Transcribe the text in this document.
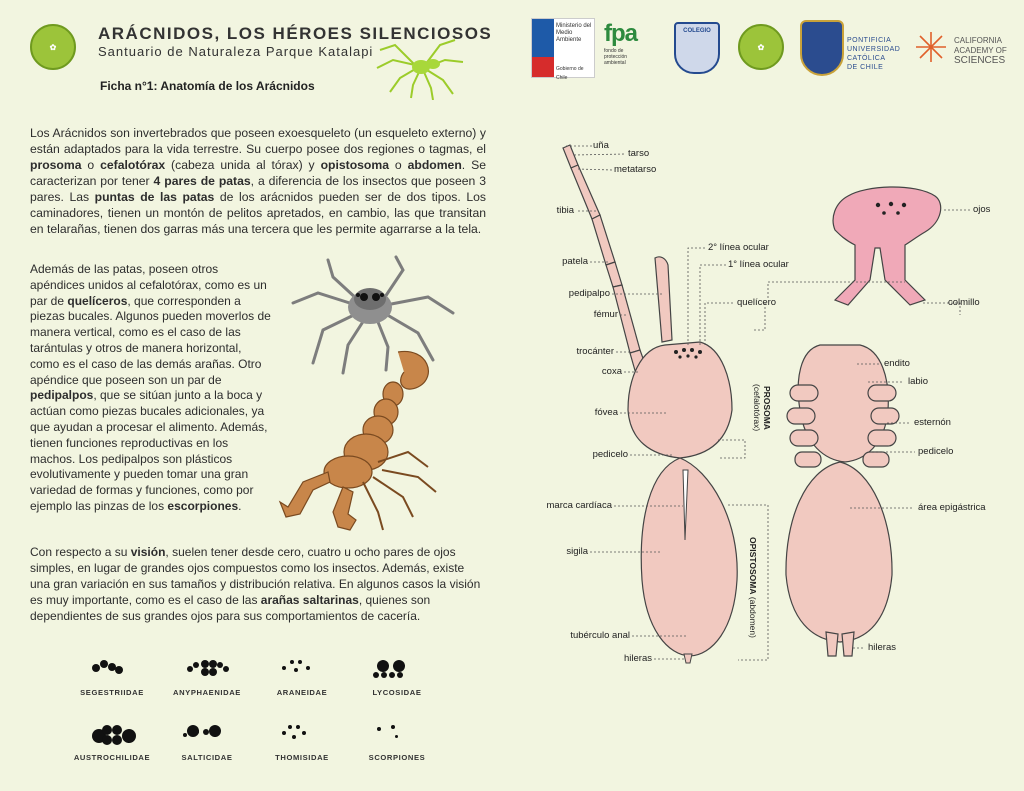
✿
ARÁCNIDOS, LOS HÉROES SILENCIOSOS
Santuario de Naturaleza Parque Katalapi
Ficha n°1: Anatomía de los Arácnidos
Ministerio del Medio Ambiente
Gobierno de Chile
fpa
fondo de protección ambiental
COLEGIO
✿
PONTIFICIA
UNIVERSIDAD
CATÓLICA
DE CHILE
CALIFORNIA
ACADEMY OF
SCIENCES
Los Arácnidos son invertebrados que poseen exoesqueleto (un esqueleto externo) y están adaptados para la vida terrestre. Su cuerpo posee dos regiones o tagmas, el prosoma o cefalotórax (cabeza unida al tórax) y opistosoma o abdomen. Se caracterizan por tener 4 pares de patas, a diferencia de los insectos que poseen 3 pares. Las puntas de las patas de los arácnidos pueden ser de dos tipos. Los caminadores, tienen un montón de pelitos apretados, en cambio, las que transitan en telarañas, tienen dos garras más una tercera que les permite agarrarse a la tela.
Además de las patas, poseen otros apéndices unidos al cefalotórax, como es un par de quelíceros, que corresponden a piezas bucales. Algunos pueden moverlos de manera vertical, como es el caso de las tarántulas y otros de manera horizontal, como es el caso de las demás arañas. Otro apéndice que poseen son un par de pedipalpos, que se sitúan junto a la boca y actúan como piezas bucales adicionales, ya que ayudan a procesar el alimento. Además, tienen funciones reproductivas en los machos. Los pedipalpos son plásticos evolutivamente y pueden tomar una gran variedad de formas y funciones, como por ejemplo las pinzas de los escorpiones.
Con respecto a su visión, suelen tener desde cero, cuatro u ocho pares de ojos simples, en lugar de grandes ojos compuestos como los insectos. Además, existe una gran variación en sus tamaños y distribución relativa. En algunos casos la visión es muy importante, como es el caso de las arañas saltarinas, quienes son dependientes de sus grandes ojos para sus comportamientos de cacería.
SEGESTRIIDAE	ANYPHAENIDAE	ARANEIDAE	LYCOSIDAE
AUSTROCHILIDAE	SALTICIDAE	THOMISIDAE	SCORPIONES
uña
tarso
metatarso
tibia
patela
pedipalpo
fémur
trocánter
coxa
fóvea
pedicelo
marca cardíaca
sigila
tubérculo anal
hileras
2° línea ocular
1° línea ocular
quelícero
PROSOMA (cefalotórax)
OPISTOSOMA (abdomen)
ojos
colmillo
endito
labio
esternón
pedicelo
área epigástrica
hileras
